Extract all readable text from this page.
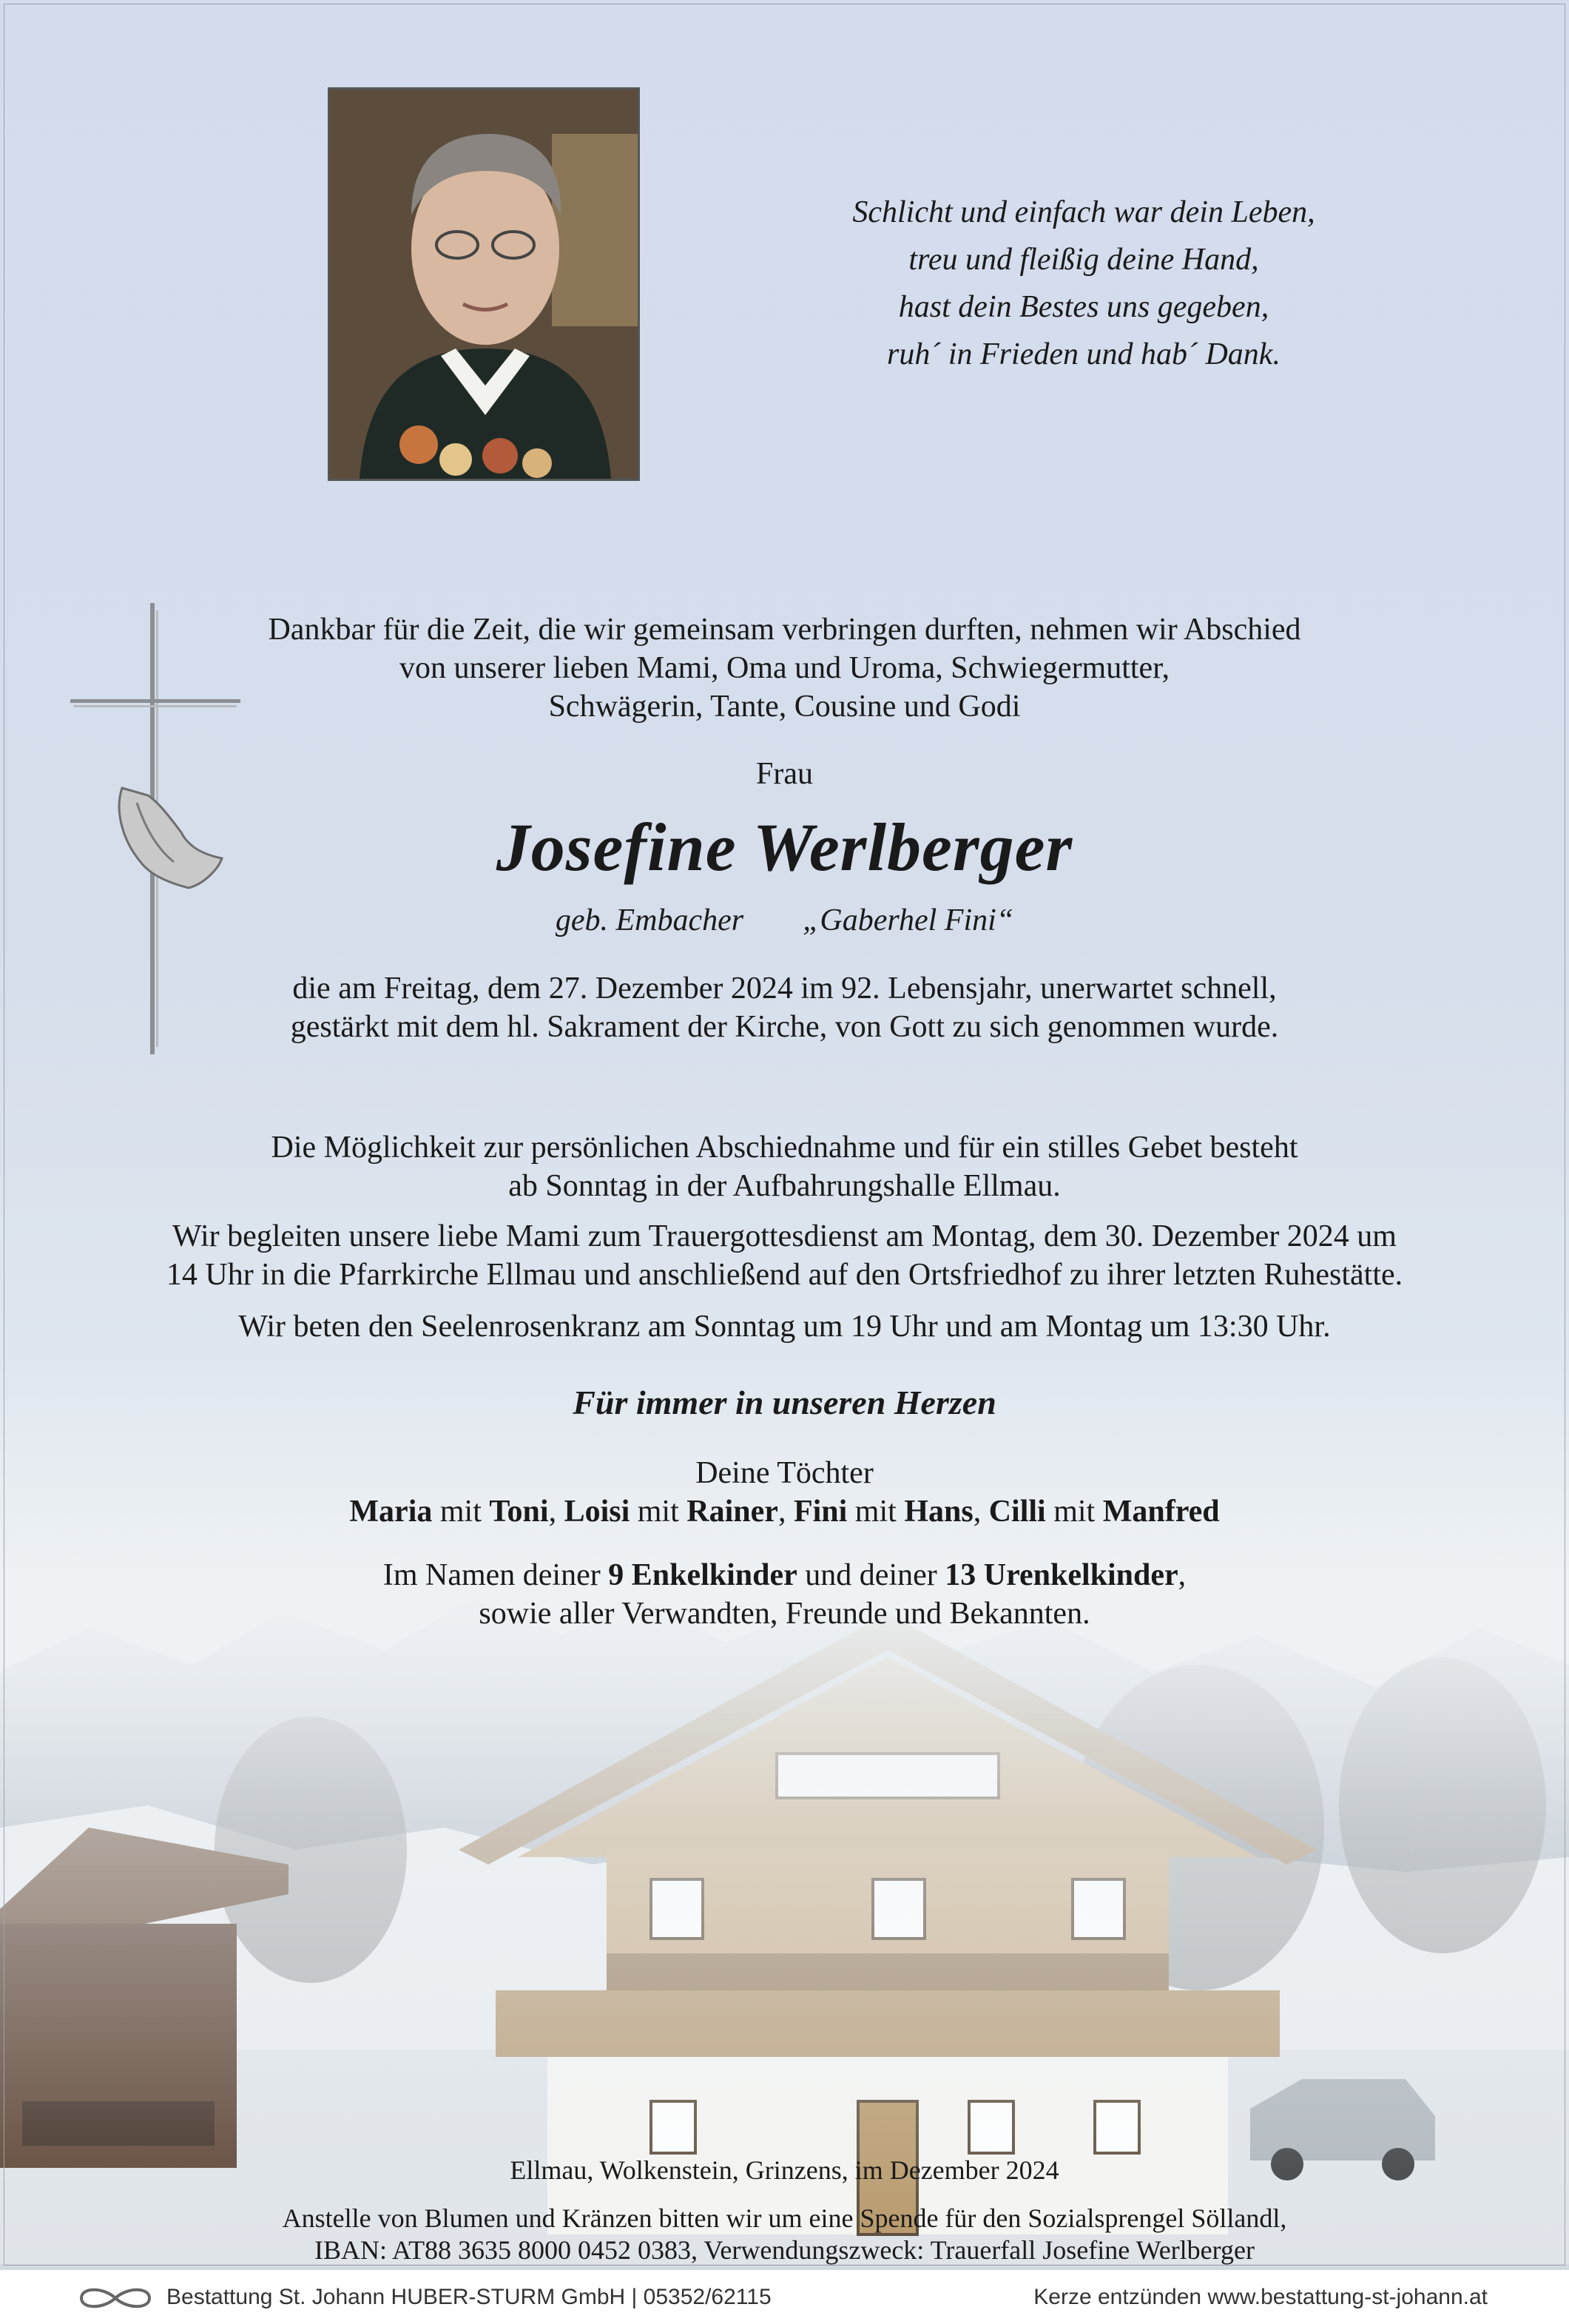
Schlicht und einfach war dein Leben,
treu und fleißig deine Hand,
hast dein Bestes uns gegeben,
ruh´ in Frieden und hab´ Dank.
Dankbar für die Zeit, die wir gemeinsam verbringen durften, nehmen wir Abschied
von unserer lieben Mami, Oma und Uroma, Schwiegermutter,
Schwägerin, Tante, Cousine und Godi
Frau
Josefine Werlberger
geb. Embacher „Gaberhel Fini“
die am Freitag, dem 27. Dezember 2024 im 92. Lebensjahr, unerwartet schnell,
gestärkt mit dem hl. Sakrament der Kirche, von Gott zu sich genommen wurde.
Die Möglichkeit zur persönlichen Abschiednahme und für ein stilles Gebet besteht
ab Sonntag in der Aufbahrungshalle Ellmau.
Wir begleiten unsere liebe Mami zum Trauergottesdienst am Montag, dem 30. Dezember 2024 um
14 Uhr in die Pfarrkirche Ellmau und anschließend auf den Ortsfriedhof zu ihrer letzten Ruhestätte.
Wir beten den Seelenrosenkranz am Sonntag um 19 Uhr und am Montag um 13:30 Uhr.
Für immer in unseren Herzen
Deine Töchter
Maria mit Toni, Loisi mit Rainer, Fini mit Hans, Cilli mit Manfred
Im Namen deiner 9 Enkelkinder und deiner 13 Urenkelkinder,
sowie aller Verwandten, Freunde und Bekannten.
Ellmau, Wolkenstein, Grinzens, im Dezember 2024
Anstelle von Blumen und Kränzen bitten wir um eine Spende für den Sozialsprengel Söllandl,
IBAN: AT88 3635 8000 0452 0383, Verwendungszweck: Trauerfall Josefine Werlberger
Bestattung St. Johann HUBER-STURM GmbH | 05352/62115	Kerze entzünden www.bestattung-st-johann.at
